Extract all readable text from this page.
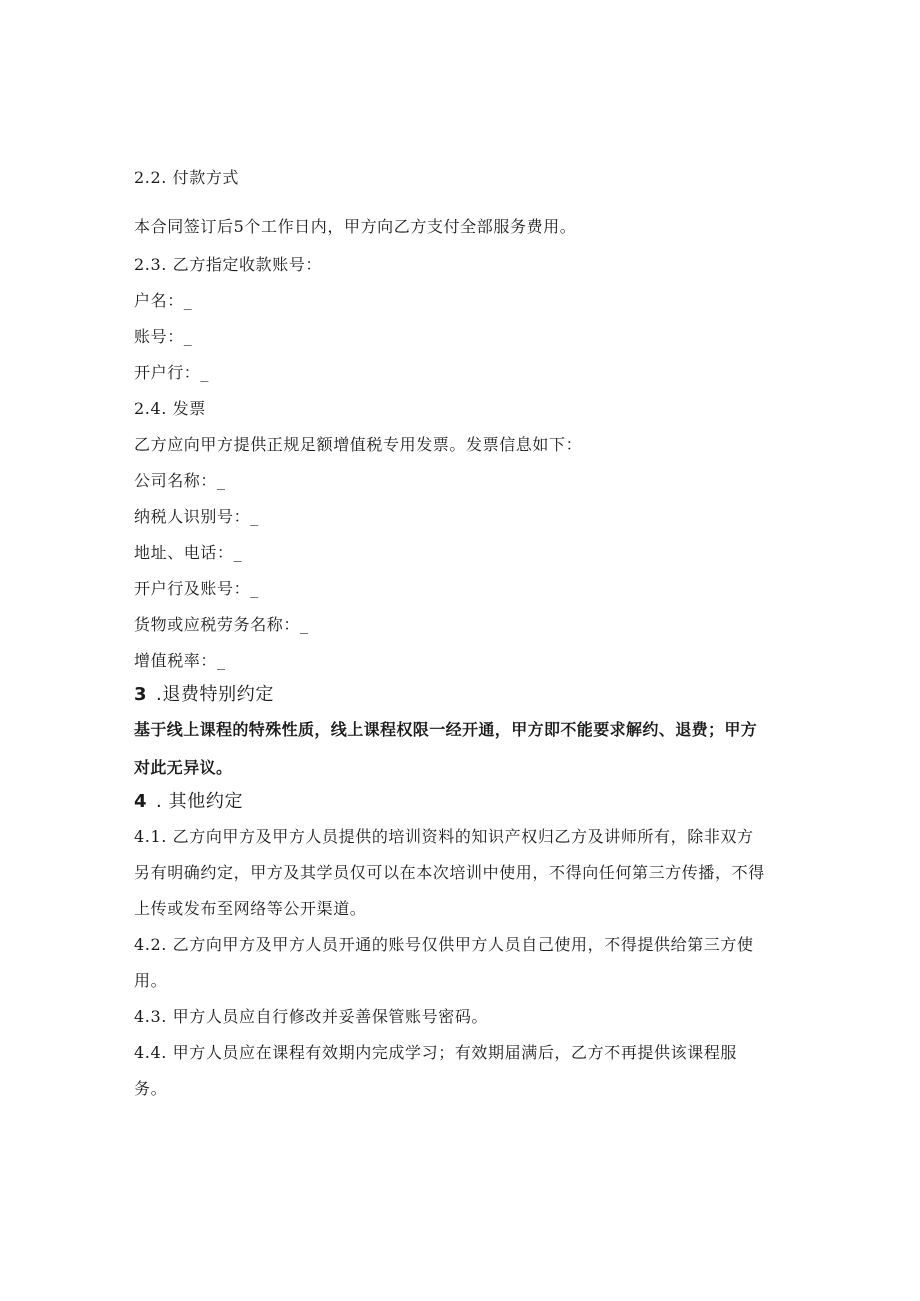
2.2. 付款方式
本合同签订后5个工作日内，甲方向乙方支付全部服务费用。
2.3. 乙方指定收款账号：
户名：_
账号：_
开户行：_
2.4. 发票
乙方应向甲方提供正规足额增值税专用发票。发票信息如下：
公司名称：_
纳税人识别号：_
地址、电话：_
开户行及账号：_
货物或应税劳务名称：_
增值税率：_
3 .退费特别约定
基于线上课程的特殊性质，线上课程权限一经开通，甲方即不能要求解约、退费；甲方
对此无异议。
4 . 其他约定
4.1. 乙方向甲方及甲方人员提供的培训资料的知识产权归乙方及讲师所有，除非双方
另有明确约定，甲方及其学员仅可以在本次培训中使用，不得向任何第三方传播，不得
上传或发布至网络等公开渠道。
4.2. 乙方向甲方及甲方人员开通的账号仅供甲方人员自己使用，不得提供给第三方使
用。
4.3. 甲方人员应自行修改并妥善保管账号密码。
4.4. 甲方人员应在课程有效期内完成学习；有效期届满后，乙方不再提供该课程服
务。
